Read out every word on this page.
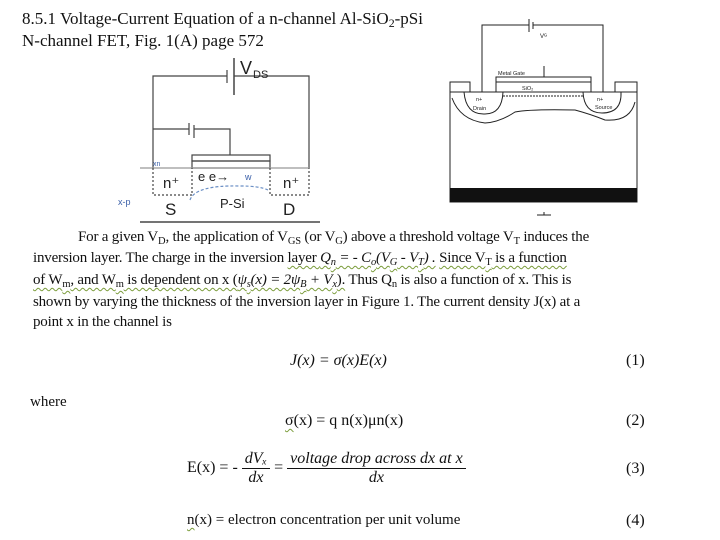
8.5.1 Voltage-Current Equation of a n-channel Al-SiO$_2$-pSi
N-channel FET, Fig. 1(A) page 572
V DS
n⁺	n⁺
e e→
S	P-Si D
xn
x-p
w
Vᴳ
Metal Gate
SiO₂
n+
Drain
n+
Source
For a given $V_D$, the application of $V_{GS}$ (or $V_G$) above a threshold voltage $V_T$ induces the
inversion layer. The charge in the inversion layer $Q_n$ = - $C_o(V_G - V_T)$ . Since $V_T$ is a function
of $W_m$, and $W_m$ is dependent on x $(\psi_s(x) = 2\psi_B + V_x)$. Thus $Q_n$ is also a function of x. This is
shown by varying the thickness of the inversion layer in Figure 1. The current density J(x) at a
point x in the channel is
J(x) = σ(x)E(x)	(1)
where
σ(x) = q n(x)μn(x)	(2)
E(x) = - $\frac{\text{dVₓ}}{dx} = \frac{\text{voltage drop across dx at x}}{dx}$	(3)
n(x) = electron concentration per unit volume	(4)
